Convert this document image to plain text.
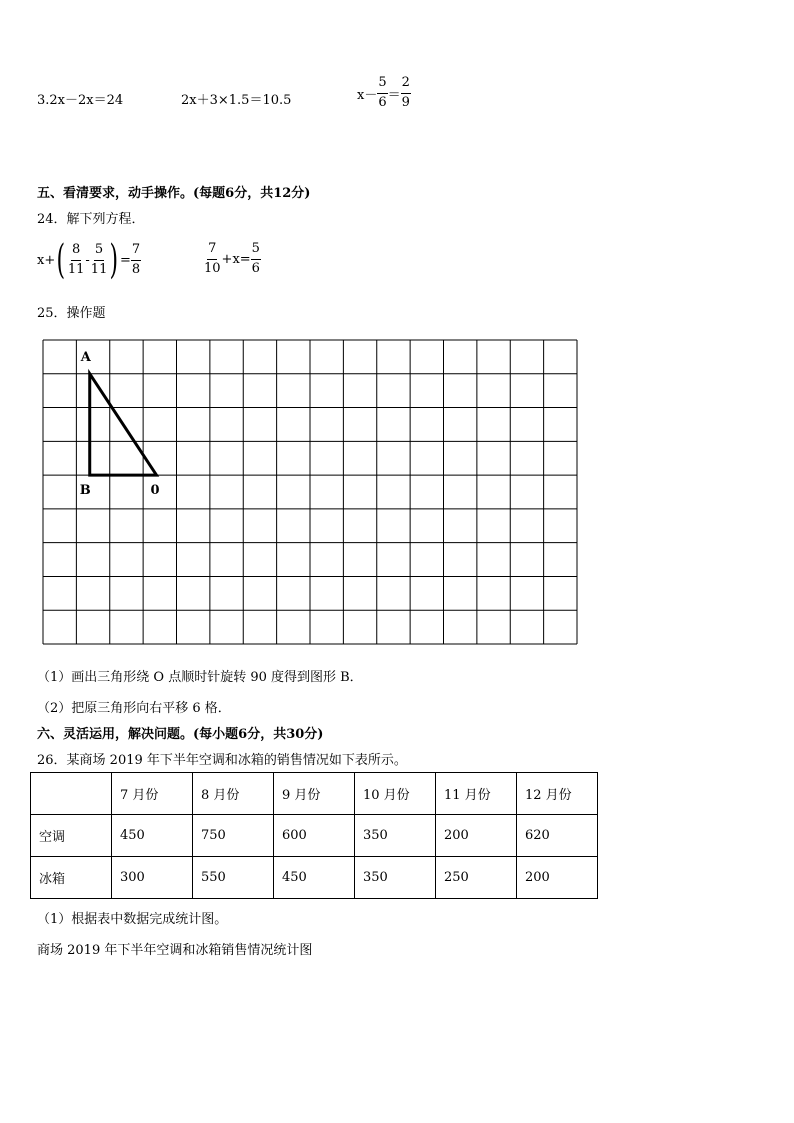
3.2x－2x＝24	2x＋3×1.5＝10.5	$x- \frac{5}{6} = \frac{2}{9}$
五、看清要求，动手操作。(每题6分，共12分)
24．解下列方程．
x+ ( $\frac{8}{11} - \frac{5}{11}$ ) = $\frac{7}{8}$	$\frac{7}{10} +x= \frac{5}{6}$
25．操作题
A
B	0
（1）画出三角形绕 O 点顺时针旋转 90 度得到图形 B．
（2）把原三角形向右平移 6 格．
六、灵活运用，解决问题。(每小题6分，共30分)
26．某商场 2019 年下半年空调和冰箱的销售情况如下表所示。
	7 月份	8 月份	9 月份	10 月份	11 月份	12 月份
空调	450	750	600	350	200	620
冰箱	300	550	450	350	250	200
（1）根据表中数据完成统计图。
商场 2019 年下半年空调和冰箱销售情况统计图
